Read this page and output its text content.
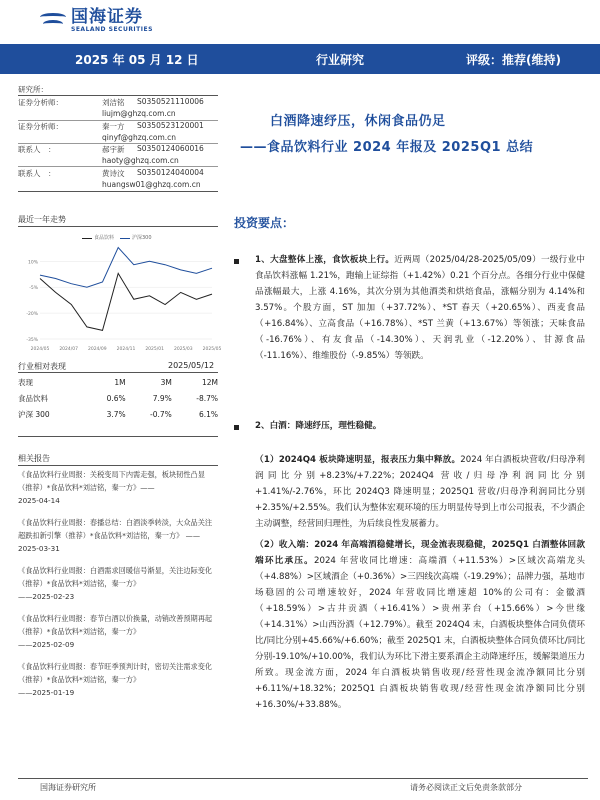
国海证券
SEALAND SECURITIES
2025 年 05 月 12 日	行业研究	评级：推荐(维持)
研究所：
证券分析师：	刘洁铭 S0350521110006
liujm@ghzq.com.cn
证券分析师：	秦一方 S0350523120001
qinyf@ghzq.com.cn
联系人　：	郝宇新 S0350124060016
haoty@ghzq.com.cn
联系人　：	黄诗汶 S0350124040004
huangsw01@ghzq.com.cn
白酒降速纾压，休闲食品仍足
——食品饮料行业 2024 年报及 2025Q1 总结
最近一年走势
-35%
-20%
-5%
10%
2024/05 2024/07 2024/09 2024/11 2025/01 2025/03 2025/05
食品饮料	沪深300
行业相对表现	2025/05/12
表现	1M	3M	12M
食品饮料	0.6%	7.9%	-8.7%
沪深 300	3.7%	-0.7%	6.1%
相关报告
《食品饮料行业周报：关税变局下内需走强，板块韧性凸显（推荐）*食品饮料*刘洁铭，秦一方》——
2025-04-14
《食品饮料行业周报：春播总结：白酒淡季转淡，大众品关注超跌扣新引擎（推荐）*食品饮料*刘洁铭，秦一方》 ——2025-03-31
《食品饮料行业周报：白酒需求回暖信号渐显，关注边际变化（推荐）*食品饮料*刘洁铭，秦一方》
——2025-02-23
《食品饮料行业周报：春节白酒以价换量，动销改善预期再起（推荐）*食品饮料*刘洁铭，秦一方》
——2025-02-09
《食品饮料行业周报：春节旺季预判计时，密切关注需求变化（推荐）*食品饮料*刘洁铭，秦一方》
——2025-01-19
投资要点：
1、大盘整体上涨，食饮板块上行。近两周（2025/04/28-2025/05/09）一级行业中食品饮料涨幅 1.21%，跑输上证综指（+1.42%）0.21 个百分点。各细分行业中保健品涨幅最大，上涨 4.16%，其次分别为其他酒类和烘焙食品，涨幅分别为 4.14%和 3.57%。个股方面，ST 加加（+37.72%）、*ST 春天（+20.65%）、西麦食品（+16.84%）、立高食品（+16.78%）、*ST 兰黄（+13.67%）等领涨；天味食品（-16.76%）、有友食品（-14.30%）、天润乳业（-12.20%）、甘源食品（-11.16%）、维维股份（-9.85%）等领跌。
2、白酒：降速纾压，理性稳健。
（1）2024Q4 板块降速明显，报表压力集中释放。2024 年白酒板块营收/归母净利润同比分别+8.23%/+7.22%；2024Q4 营收/归母净利润同比分别+1.41%/-2.76%，环比 2024Q3 降速明显；2025Q1 营收/归母净利润同比分别+2.35%/+2.55%。我们认为整体宏观环境的压力明显传导到上市公司报表，不少酒企主动调整，经营回归理性，为后续良性发展蓄力。
（2）收入端：2024 年高端酒稳健增长，现金流表现稳健，2025Q1 白酒整体回款端环比承压。2024 年营收同比增速：高端酒（+11.53%）>区域次高端龙头（+4.88%）>区域酒企（+0.36%）>三四线次高端（-19.29%）；品牌力强，基地市场稳固的公司增速较好，2024 年营收同比增速超 10%的公司有：金徽酒（+18.59%）>古井贡酒（+16.41%）>贵州茅台（+15.66%）>今世缘（+14.31%）>山西汾酒（+12.79%）。截至 2024Q4 末，白酒板块整体合同负债环比/同比分别+45.66%/+6.60%；截至 2025Q1 末，白酒板块整体合同负债环比/同比分别-19.10%/+10.00%，我们认为环比下滑主要系酒企主动降速纾压，缓解渠道压力所致。现金流方面，2024 年白酒板块销售收现/经营性现金流净额同比分别+6.11%/+18.32%；2025Q1 白酒板块销售收现/经营性现金流净额同比分别+16.30%/+33.88%。
国海证券研究所	请务必阅读正文后免责条款部分
